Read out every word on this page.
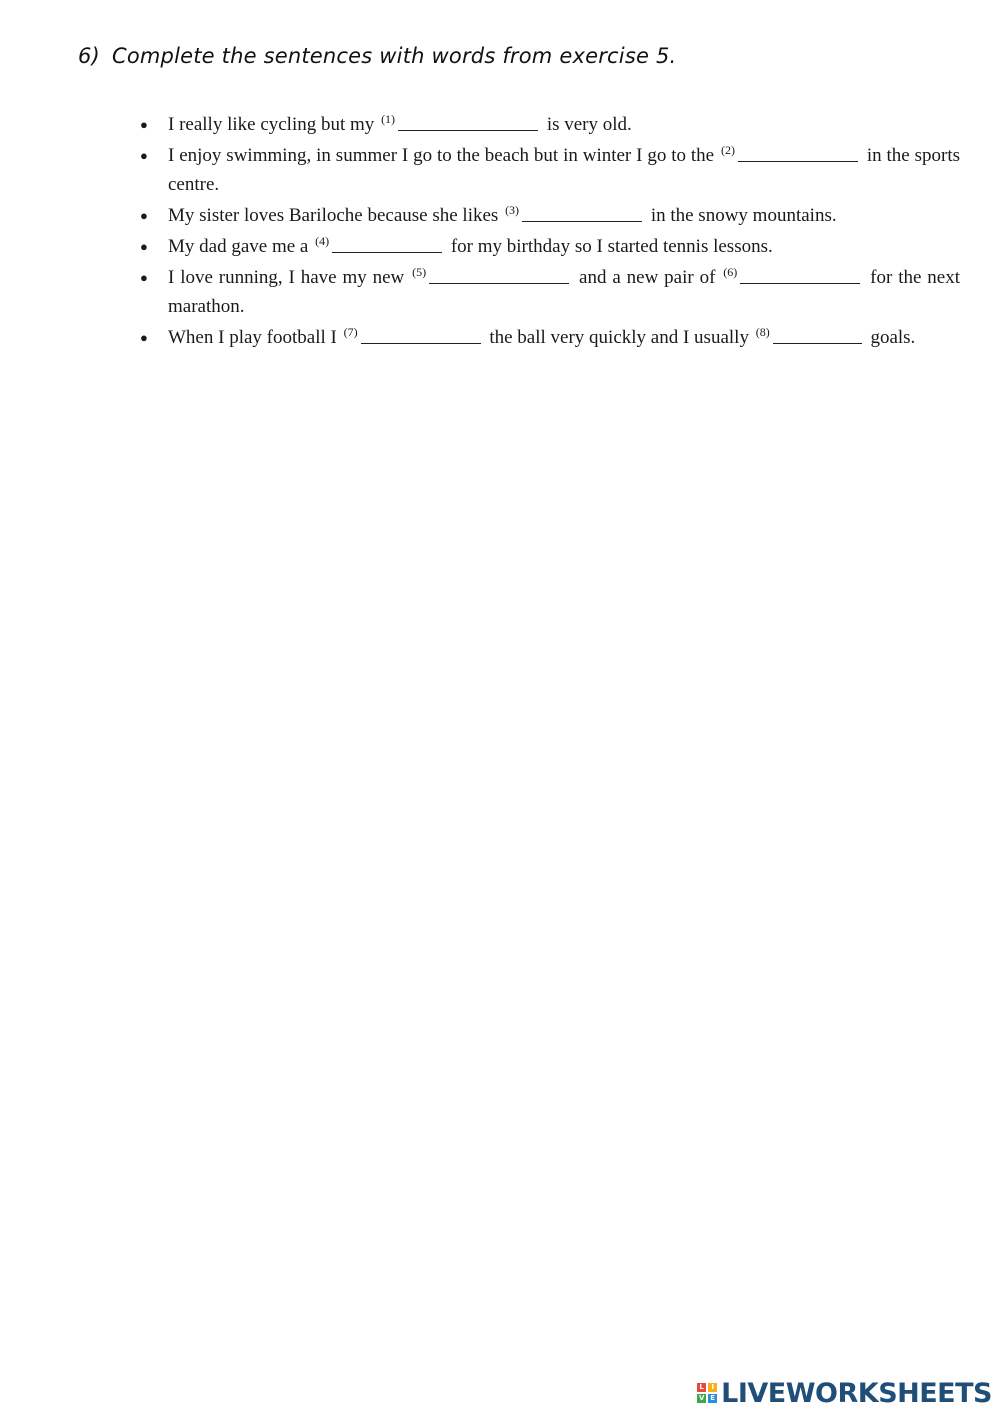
6) Complete the sentences with words from exercise 5.
● I really like cycling but my $^{(1)}$	is very old.
● I enjoy swimming, in summer I go to the beach but in winter I go to the $^{(2)}$	in the sports centre.
● My sister loves Bariloche because she likes $^{(3)}$	in the snowy mountains.
● My dad gave me a $^{(4)}$	for my birthday so I started tennis lessons.
● I love running, I have my new $^{(5)}$	and a new pair of $^{(6)}$	for the next marathon.
● When I play football I $^{(7)}$	the ball very quickly and I usually $^{(8)}$	goals.
L	I
V E LIVEWORKSHEETS
